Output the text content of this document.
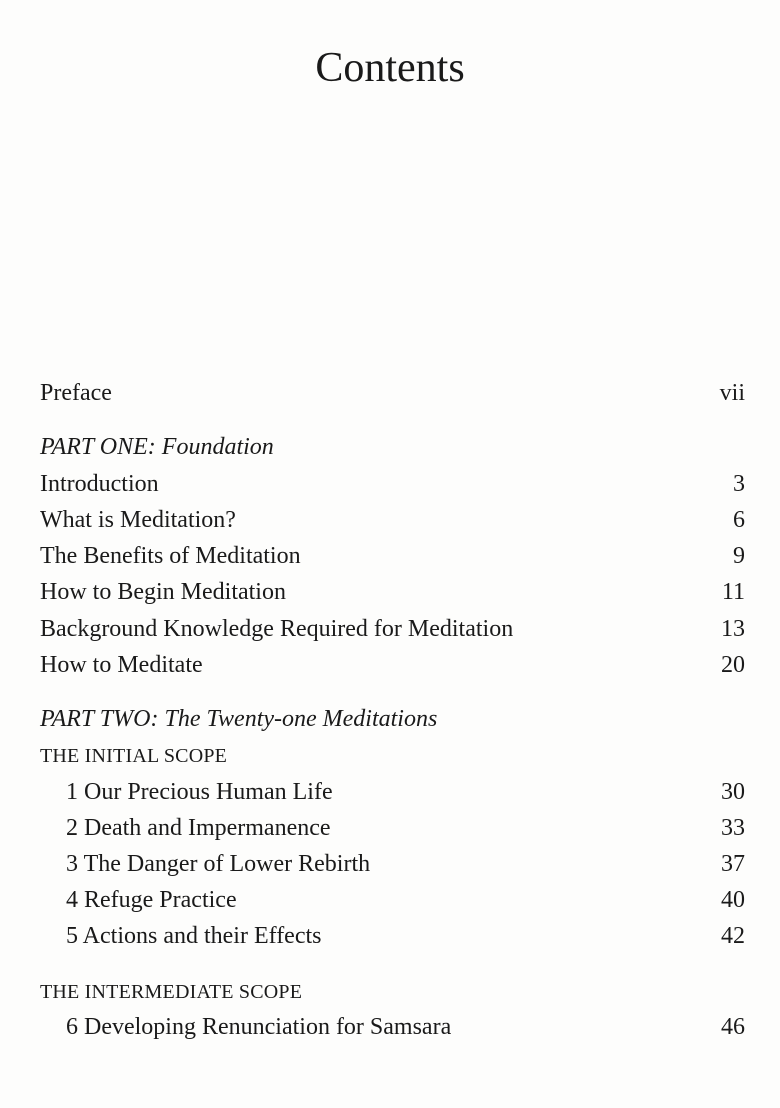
Contents
Preface	vii
PART ONE: Foundation
Introduction	3
What is Meditation?	6
The Benefits of Meditation	9
How to Begin Meditation	11
Background Knowledge Required for Meditation	13
How to Meditate	20
PART TWO: The Twenty-one Meditations
THE INITIAL SCOPE
1 Our Precious Human Life	30
2 Death and Impermanence	33
3 The Danger of Lower Rebirth	37
4 Refuge Practice	40
5 Actions and their Effects	42
THE INTERMEDIATE SCOPE
6 Developing Renunciation for Samsara	46
